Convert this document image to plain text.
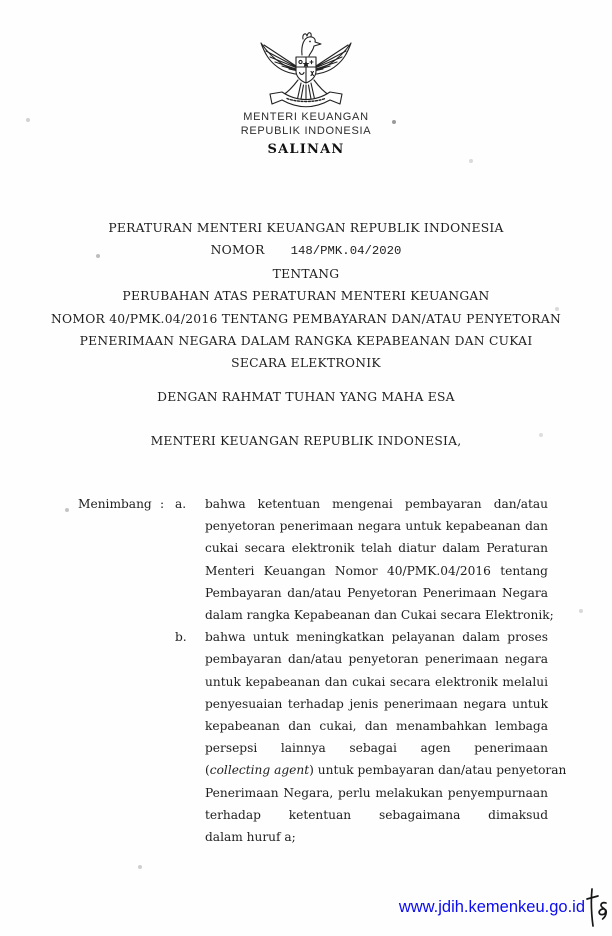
MENTERI KEUANGAN
REPUBLIK INDONESIA
SALINAN
PERATURAN MENTERI KEUANGAN REPUBLIK INDONESIA
NOMOR 148/PMK.04/2020
TENTANG
PERUBAHAN ATAS PERATURAN MENTERI KEUANGAN
NOMOR 40/PMK.04/2016 TENTANG PEMBAYARAN DAN/ATAU PENYETORAN
PENERIMAAN NEGARA DALAM RANGKA KEPABEANAN DAN CUKAI
SECARA ELEKTRONIK
DENGAN RAHMAT TUHAN YANG MAHA ESA
MENTERI KEUANGAN REPUBLIK INDONESIA,
Menimbang : a.	bahwa ketentuan mengenai pembayaran dan/atau
penyetoran penerimaan negara untuk kepabeanan dan
cukai secara elektronik telah diatur dalam Peraturan
Menteri Keuangan Nomor 40/PMK.04/2016 tentang
Pembayaran dan/atau Penyetoran Penerimaan Negara
dalam rangka Kepabeanan dan Cukai secara Elektronik;
b.	bahwa untuk meningkatkan pelayanan dalam proses
pembayaran dan/atau penyetoran penerimaan negara
untuk kepabeanan dan cukai secara elektronik melalui
penyesuaian terhadap jenis penerimaan negara untuk
kepabeanan dan cukai, dan menambahkan lembaga
persepsi lainnya sebagai agen penerimaan
(collecting agent) untuk pembayaran dan/atau penyetoran
Penerimaan Negara, perlu melakukan penyempurnaan
terhadap ketentuan sebagaimana dimaksud
dalam huruf a;
www.jdih.kemenkeu.go.id
